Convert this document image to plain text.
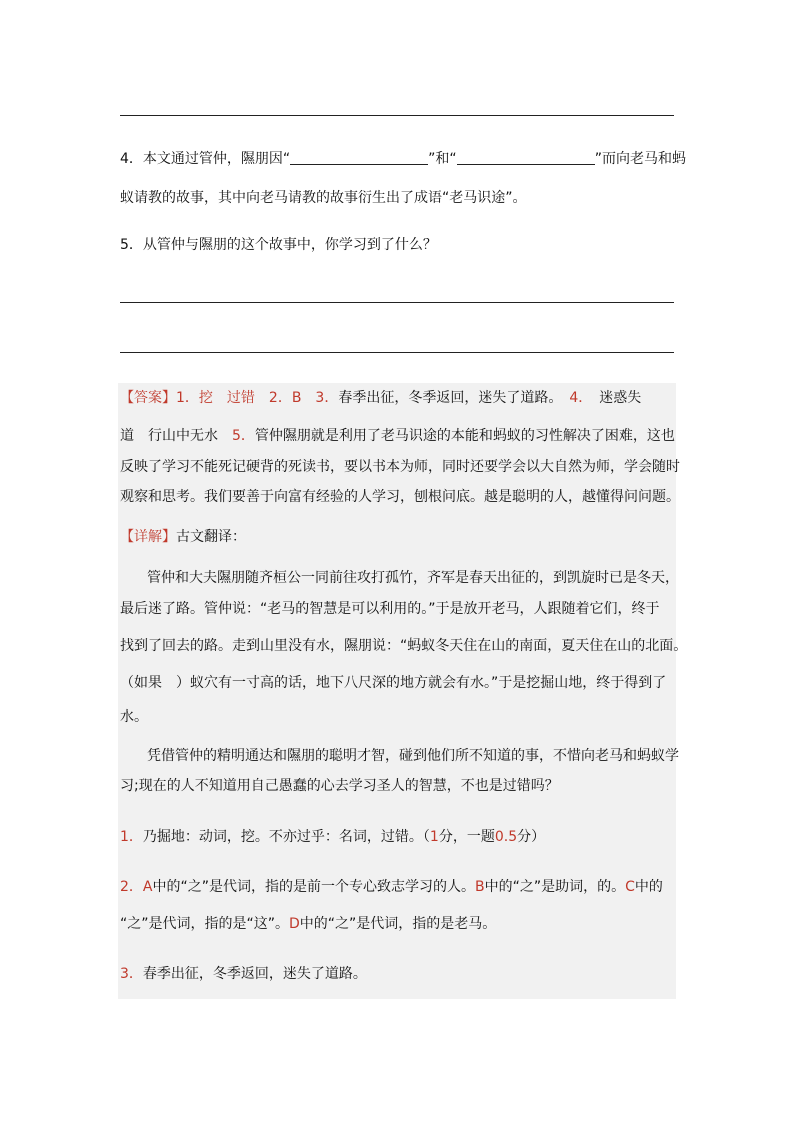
4．本文通过管仲，隰朋因“	”和“	”而向老马和蚂
蚁请教的故事，其中向老马请教的故事衍生出了成语“老马识途”。
5．从管仲与隰朋的这个故事中，你学习到了什么？
【答案】1．挖　过错　2．B　3．春季出征，冬季返回，迷失了道路。　4．　迷惑失
道　行山中无水　5．管仲隰朋就是利用了老马识途的本能和蚂蚁的习性解决了困难，这也
反映了学习不能死记硬背的死读书，要以书本为师，同时还要学会以大自然为师，学会随时
观察和思考。我们要善于向富有经验的人学习，刨根问底。越是聪明的人，越懂得问问题。
【详解】古文翻译：
管仲和大夫隰朋随齐桓公一同前往攻打孤竹，齐军是春天出征的，到凯旋时已是冬天，
最后迷了路。管仲说：“老马的智慧是可以利用的。”于是放开老马，人跟随着它们，终于
找到了回去的路。走到山里没有水，隰朋说：“蚂蚁冬天住在山的南面，夏天住在山的北面。
（如果　）蚁穴有一寸高的话，地下八尺深的地方就会有水。”于是挖掘山地，终于得到了
水。
凭借管仲的精明通达和隰朋的聪明才智，碰到他们所不知道的事，不惜向老马和蚂蚁学
习;现在的人不知道用自己愚蠢的心去学习圣人的智慧，不也是过错吗？
1．乃掘地：动词，挖。不亦过乎：名词，过错。（1分，一题0.5分）
2．A中的“之”是代词，指的是前一个专心致志学习的人。B中的“之”是助词，的。C中的
“之”是代词，指的是“这”。D中的“之”是代词，指的是老马。
3．春季出征，冬季返回，迷失了道路。
